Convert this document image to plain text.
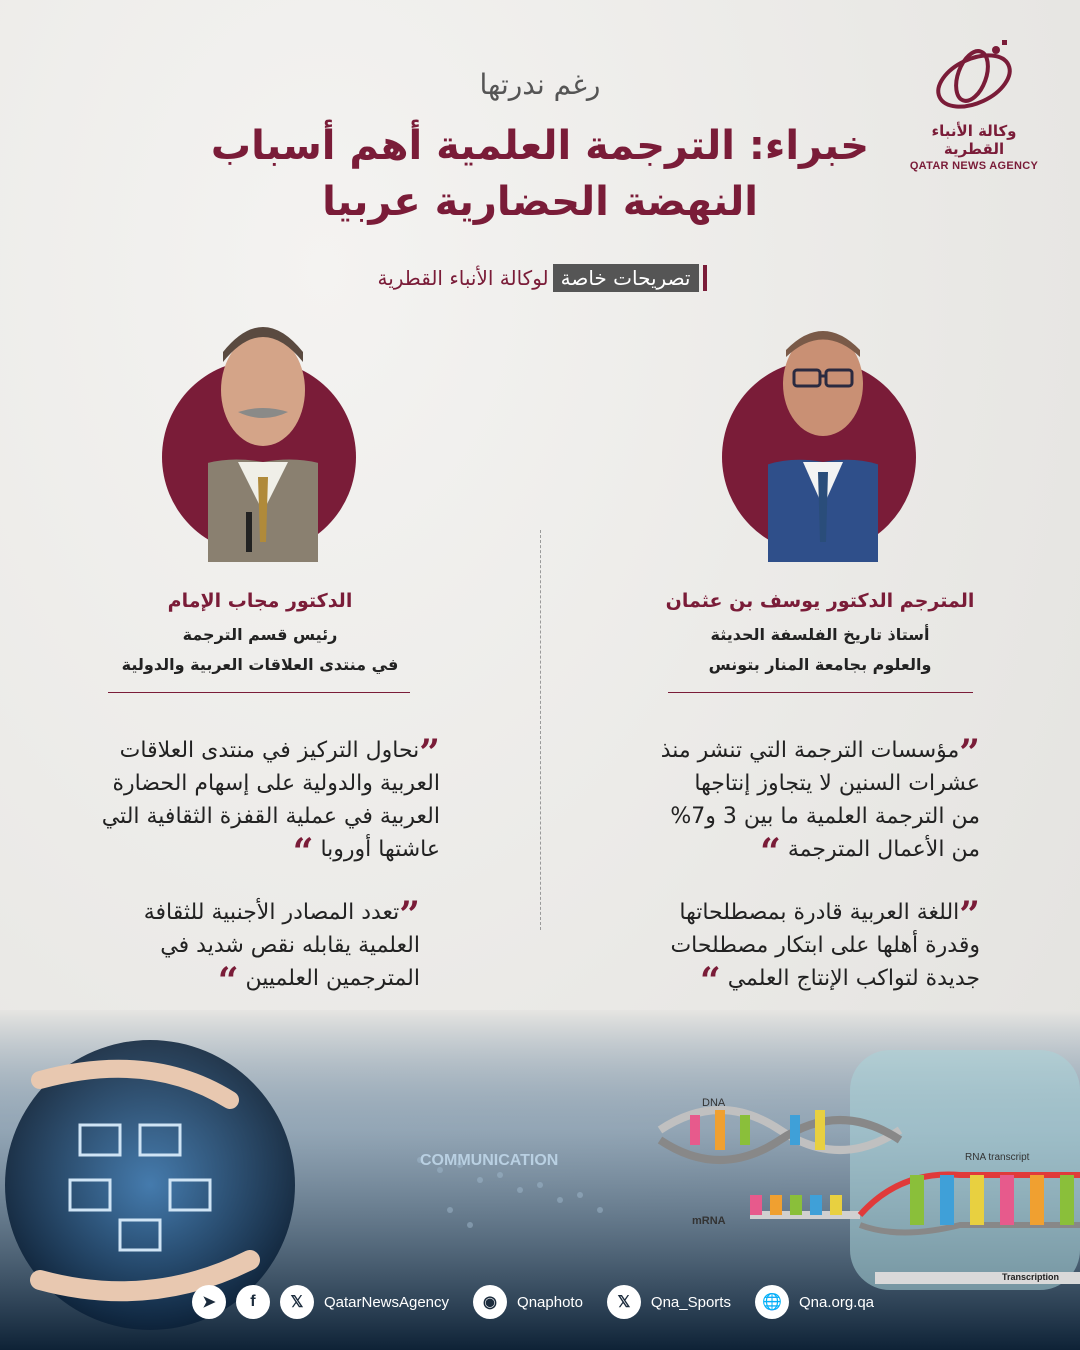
وكالة الأنباء القطرية
QATAR NEWS AGENCY
رغم ندرتها
خبراء: الترجمة العلمية أهم أسباب
النهضة الحضارية عربيا
تصريحات خاصة
لوكالة الأنباء القطرية
الدكتور مجاب الإمام
رئيس قسم الترجمة
في منتدى العلاقات العربية والدولية
المترجم الدكتور يوسف بن عثمان
أستاذ تاريخ الفلسفة الحديثة
والعلوم بجامعة المنار بتونس
”نحاول التركيز في منتدى العلاقات العربية والدولية على إسهام الحضارة العربية في عملية القفزة الثقافية التي عاشتها أوروبا “
”تعدد المصادر الأجنبية للثقافة العلمية يقابله نقص شديد في المترجمين العلميين “
”مؤسسات الترجمة التي تنشر منذ عشرات السنين لا يتجاوز إنتاجها من الترجمة العلمية ما بين 3 و7% من الأعمال المترجمة “
”اللغة العربية قادرة بمصطلحاتها وقدرة أهلها على ابتكار مصطلحات جديدة لتواكب الإنتاج العلمي “
COMMUNICATION
DNA
mRNA
RNA transcript
Transcription
➤	f	𝕏	QatarNewsAgency	◉	Qnaphoto	𝕏	Qna_Sports	🌐	Qna.org.qa
